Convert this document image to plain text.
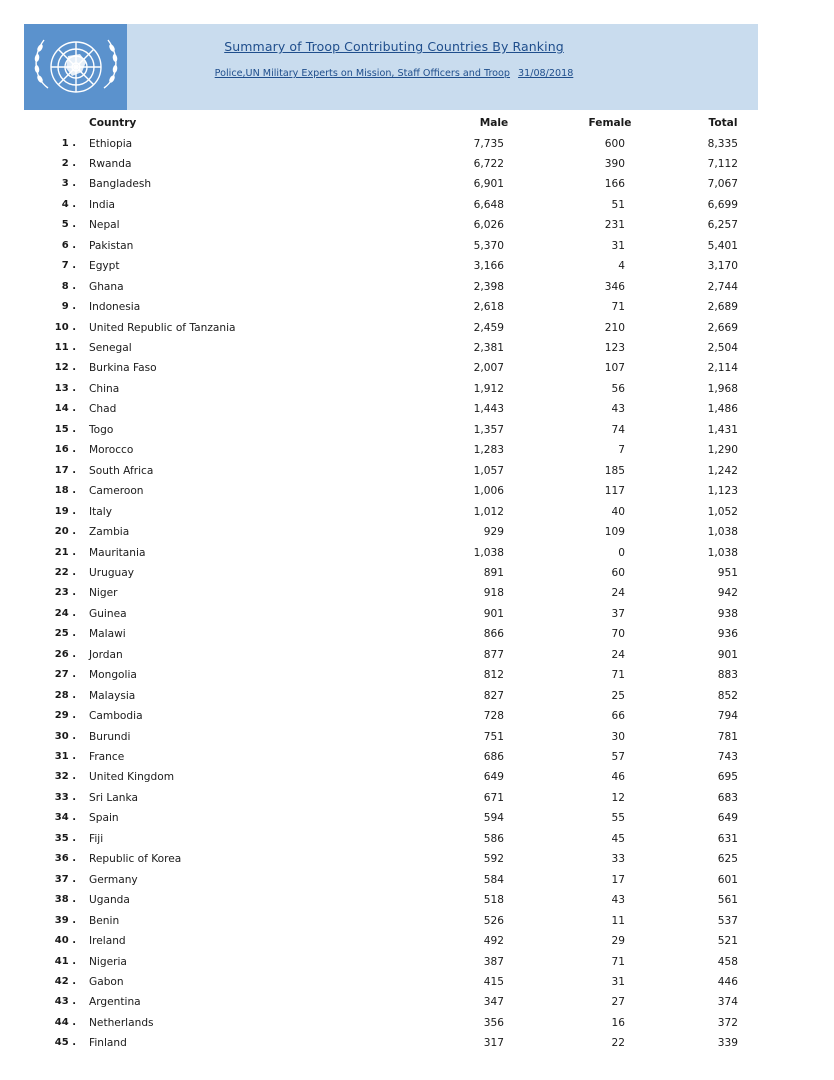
Summary of Troop Contributing Countries By Ranking
Police,UN Military Experts on Mission, Staff Officers and Troop 31/08/2018
Country	Male	Female	Total
1 . Ethiopia	7,735	600	8,335
2 . Rwanda	6,722	390	7,112
3 . Bangladesh	6,901	166	7,067
4 . India	6,648	51	6,699
5 . Nepal	6,026	231	6,257
6 . Pakistan	5,370	31	5,401
7 . Egypt	3,166	4	3,170
8 . Ghana	2,398	346	2,744
9 . Indonesia	2,618	71	2,689
10 . United Republic of Tanzania	2,459	210	2,669
11 . Senegal	2,381	123	2,504
12 . Burkina Faso	2,007	107	2,114
13 . China	1,912	56	1,968
14 . Chad	1,443	43	1,486
15 . Togo	1,357	74	1,431
16 . Morocco	1,283	7	1,290
17 . South Africa	1,057	185	1,242
18 . Cameroon	1,006	117	1,123
19 . Italy	1,012	40	1,052
20 . Zambia	929	109	1,038
21 . Mauritania	1,038	0	1,038
22 . Uruguay	891	60	951
23 . Niger	918	24	942
24 . Guinea	901	37	938
25 . Malawi	866	70	936
26 . Jordan	877	24	901
27 . Mongolia	812	71	883
28 . Malaysia	827	25	852
29 . Cambodia	728	66	794
30 . Burundi	751	30	781
31 . France	686	57	743
32 . United Kingdom	649	46	695
33 . Sri Lanka	671	12	683
34 . Spain	594	55	649
35 . Fiji	586	45	631
36 . Republic of Korea	592	33	625
37 . Germany	584	17	601
38 . Uganda	518	43	561
39 . Benin	526	11	537
40 . Ireland	492	29	521
41 . Nigeria	387	71	458
42 . Gabon	415	31	446
43 . Argentina	347	27	374
44 . Netherlands	356	16	372
45 . Finland	317	22	339
